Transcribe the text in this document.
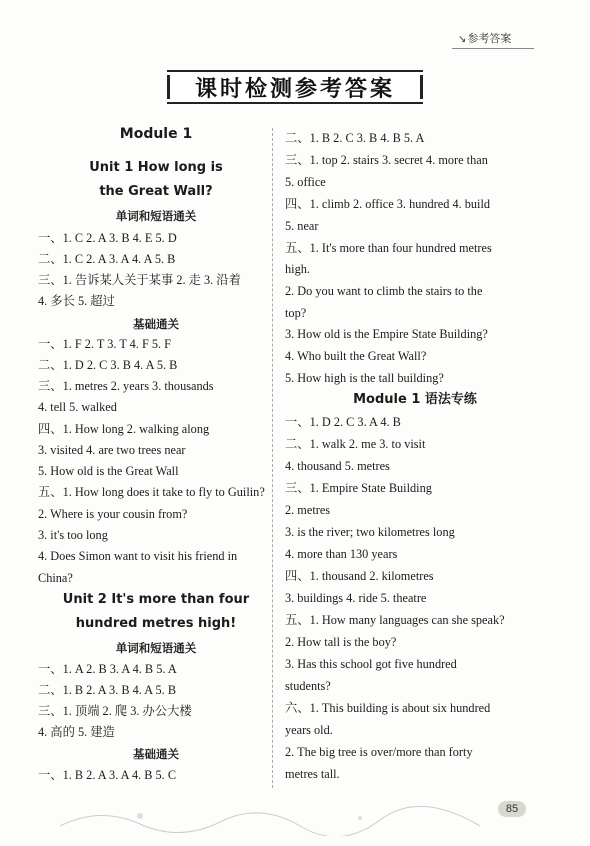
↘参考答案
课时检测参考答案
Module 1
Unit 1 How long is
the Great Wall?
单词和短语通关
一、1. C 2. A 3. B 4. E 5. D
二、1. C 2. A 3. A 4. A 5. B
三、1. 告诉某人关于某事 2. 走 3. 沿着
4. 多长 5. 超过
基础通关
一、1. F 2. T 3. T 4. F 5. F
二、1. D 2. C 3. B 4. A 5. B
三、1. metres 2. years 3. thousands
4. tell 5. walked
四、1. How long 2. walking along
3. visited 4. are two trees near
5. How old is the Great Wall
五、1. How long does it take to fly to Guilin?
2. Where is your cousin from?
3. it's too long
4. Does Simon want to visit his friend in
China?
Unit 2 It's more than four
hundred metres high!
单词和短语通关
一、1. A 2. B 3. A 4. B 5. A
二、1. B 2. A 3. B 4. A 5. B
三、1. 顶端 2. 爬 3. 办公大楼
4. 高的 5. 建造
基础通关
一、1. B 2. A 3. A 4. B 5. C
二、1. B 2. C 3. B 4. B 5. A
三、1. top 2. stairs 3. secret 4. more than
5. office
四、1. climb 2. office 3. hundred 4. build
5. near
五、1. It's more than four hundred metres
high.
2. Do you want to climb the stairs to the
top?
3. How old is the Empire State Building?
4. Who built the Great Wall?
5. How high is the tall building?
Module 1 语法专练
一、1. D 2. C 3. A 4. B
二、1. walk 2. me 3. to visit
4. thousand 5. metres
三、1. Empire State Building
2. metres
3. is the river; two kilometres long
4. more than 130 years
四、1. thousand 2. kilometres
3. buildings 4. ride 5. theatre
五、1. How many languages can she speak?
2. How tall is the boy?
3. Has this school got five hundred
students?
六、1. This building is about six hundred
years old.
2. The big tree is over/more than forty
metres tall.
85
